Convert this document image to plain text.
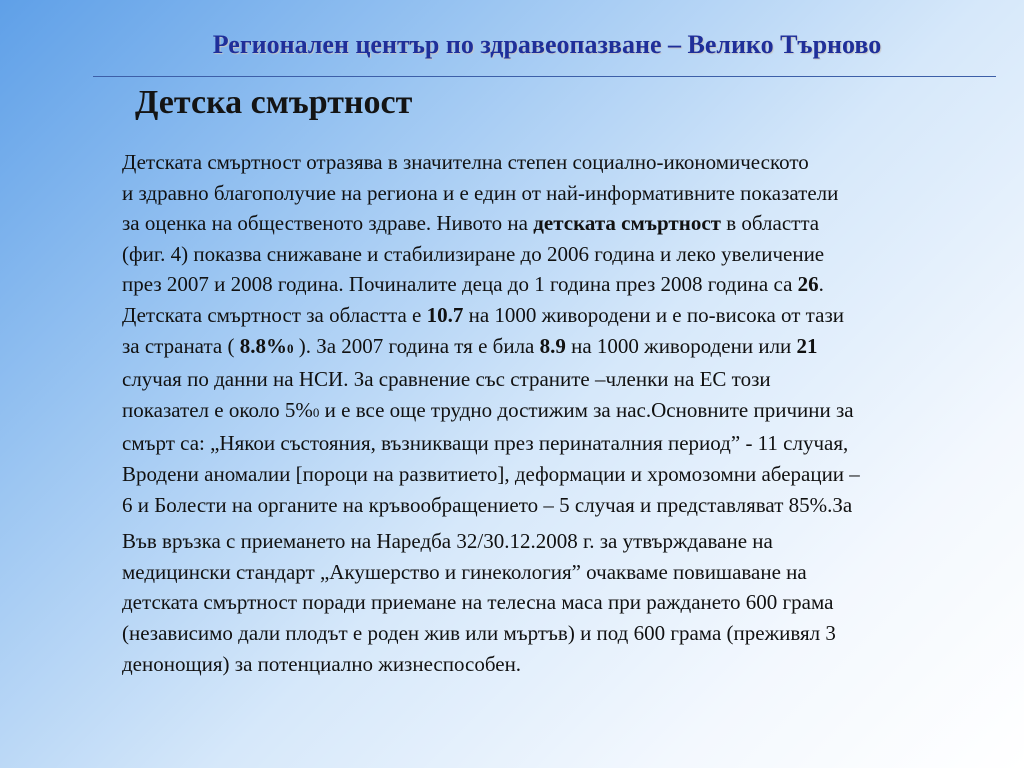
Регионален център по здравеопазване – Велико Търново
Детска смъртност

Детската смъртност отразява в значителна степен социално-икономическото
и здравно благополучие на региона и е един от най-информативните показатели
за оценка на общественото здраве. Нивото на детската смъртност в областта
(фиг. 4) показва снижаване и стабилизиране до 2006 година и леко увеличение
през 2007 и 2008 година. Починалите деца до 1 година през 2008 година са 26.
Детската смъртност за областта е 10.7 на 1000 живородени и е по-висока от тази
за страната ( 8.8%0 ). За 2007 година тя е била 8.9 на 1000 живородени или 21
случая по данни на НСИ. За сравнение със страните –членки на ЕС този
показател е около 5%0 и е все още трудно достижим за нас.Основните причини за
смърт са: „Някои състояния, възникващи през перинаталния период” - 11 случая,
Вродени аномалии [пороци на развитието], деформации и хромозомни аберации –
6 и Болести на органите на кръвообращението – 5 случая и представляват 85%.За

Във връзка с приемането на Наредба 32/30.12.2008 г. за утвърждаване на
медицински стандарт „Акушерство и гинекология” очакваме повишаване на
детската смъртност поради приемане на телесна маса при раждането 600 грама
(независимо дали плодът е роден жив или мъртъв) и под 600 грама (преживял 3
денонощия) за потенциално жизнеспособен.
